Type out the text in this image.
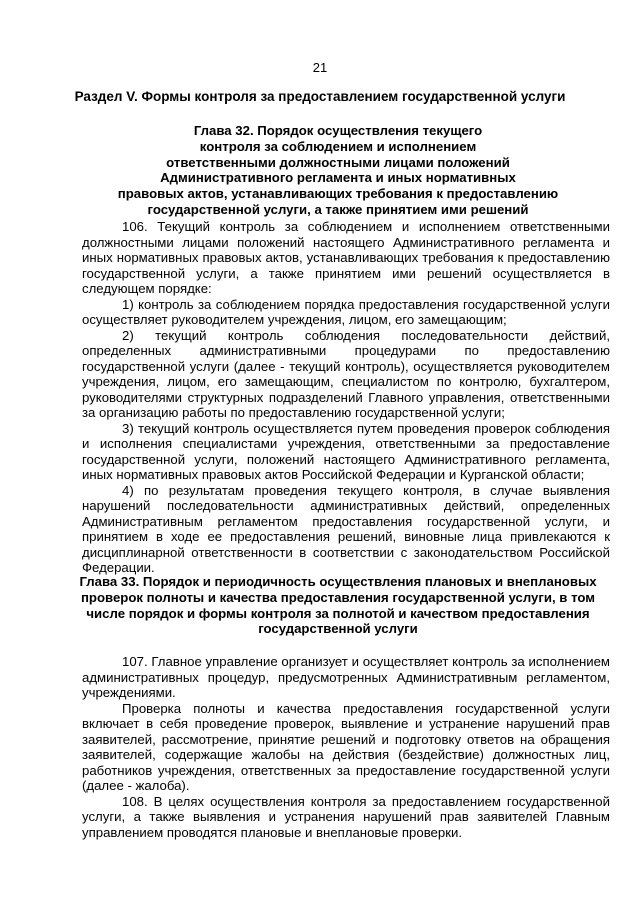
21
Раздел V. Формы контроля за предоставлением государственной услуги
Глава 32. Порядок осуществления текущего
контроля за соблюдением и исполнением
ответственными должностными лицами положений
Административного регламента и иных нормативных
правовых актов, устанавливающих требования к предоставлению
государственной услуги, а также принятием ими решений

106. Текущий контроль за соблюдением и исполнением ответственными должностными лицами положений настоящего Административного регламента и иных нормативных правовых актов, устанавливающих требования к предоставлению государственной услуги, а также принятием ими решений осуществляется в следующем порядке:

1) контроль за соблюдением порядка предоставления государственной услуги осуществляет руководителем учреждения, лицом, его замещающим;

2) текущий контроль соблюдения последовательности действий, определенных административными процедурами по предоставлению государственной услуги (далее - текущий контроль), осуществляется руководителем учреждения, лицом, его замещающим, специалистом по контролю, бухгалтером, руководителями структурных подразделений Главного управления, ответственными за организацию работы по предоставлению государственной услуги;

3) текущий контроль осуществляется путем проведения проверок соблюдения и исполнения специалистами учреждения, ответственными за предоставление государственной услуги, положений настоящего Административного регламента, иных нормативных правовых актов Российской Федерации и Курганской области;

4) по результатам проведения текущего контроля, в случае выявления нарушений последовательности административных действий, определенных Административным регламентом предоставления государственной услуги, и принятием в ходе ее предоставления решений, виновные лица привлекаются к дисциплинарной ответственности в соответствии с законодательством Российской Федерации.

Глава 33. Порядок и периодичность осуществления плановых и внеплановых
проверок полноты и качества предоставления государственной услуги, в том
числе порядок и формы контроля за полнотой и качеством предоставления
государственной услуги

107. Главное управление организует и осуществляет контроль за исполнением административных процедур, предусмотренных Административным регламентом, учреждениями.

Проверка полноты и качества предоставления государственной услуги включает в себя проведение проверок, выявление и устранение нарушений прав заявителей, рассмотрение, принятие решений и подготовку ответов на обращения заявителей, содержащие жалобы на действия (бездействие) должностных лиц, работников учреждения, ответственных за предоставление государственной услуги (далее - жалоба).

108. В целях осуществления контроля за предоставлением государственной услуги, а также выявления и устранения нарушений прав заявителей Главным управлением проводятся плановые и внеплановые проверки.
